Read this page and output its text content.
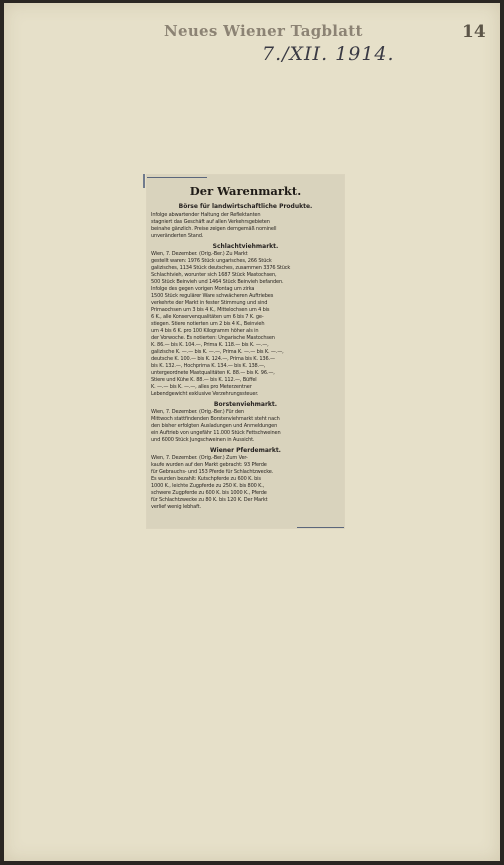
Neues Wiener Tagblatt	14
7./XII. 1914.
Der Warenmarkt.
Börse für landwirtschaftliche Produkte.
Infolge abwartender Haltung der Reflektanten
stagniert das Geschäft auf allen Verkehrsgebieten
beinahe gänzlich. Preise zeigen demgemäß nominell
unveränderten Stand.
Schlachtviehmarkt.
Wien, 7. Dezember. (Orig.-Ber.) Zu Markt
gestellt waren: 1976 Stück ungarisches, 266 Stück
galizisches, 1134 Stück deutsches, zusammen 3376 Stück
Schlachtvieh, worunter sich 1687 Stück Mastochsen,
500 Stück Beinvieh und 1464 Stück Beinvieh befanden.
Infolge des gegen vorigen Montag um zirka
1500 Stück regulärer Ware schwächeren Auftriebes
verkehrte der Markt in fester Stimmung und sind
Primaochsen um 3 bis 4 K., Mittelochsen um 4 bis
6 K., alle Konservenqualitäten um 6 bis 7 K. ge-
stiegen. Stiere notierten um 2 bis 4 K., Beinvieh
um 4 bis 6 K. pro 100 Kilogramm höher als in
der Vorwoche. Es notierten: Ungarische Mastochsen
K. 86.— bis K. 104.—, Prima K. 118.— bis K. —.—,
galizische K. —.— bis K. —.—, Prima K. —.— bis K. —.—,
deutsche K. 100.— bis K. 124.—, Prima bis K. 136.—
bis K. 132.—, Hochprima K. 134.— bis K. 138.—,
untergeordnete Mastqualitäten K. 88.— bis K. 96.—,
Stiere und Kühe K. 88.— bis K. 112.—, Büffel
K. —.— bis K. —.—, alles pro Meterzentner
Lebendgewicht exklusive Verzehrungssteuer.
Borstenviehmarkt.
Wien, 7. Dezember. (Orig.-Ber.) Für den
Mittwoch stattfindenden Borstenviehmarkt steht nach
den bisher erfolgten Ausladungen und Anmeldungen
ein Auftrieb von ungefähr 11.000 Stück Fettschweinen
und 6000 Stück Jungschweinen in Aussicht.
Wiener Pferdemarkt.
Wien, 7. Dezember. (Orig.-Ber.) Zum Ver-
kaufe wurden auf den Markt gebracht: 93 Pferde
für Gebrauchs- und 153 Pferde für Schlachtzwecke.
Es wurden bezahlt: Kutschpferde zu 600 K. bis
1000 K., leichte Zugpferde zu 250 K. bis 800 K.,
schwere Zugpferde zu 600 K. bis 1000 K., Pferde
für Schlachtzwecke zu 80 K. bis 120 K. Der Markt
verlief wenig lebhaft.
